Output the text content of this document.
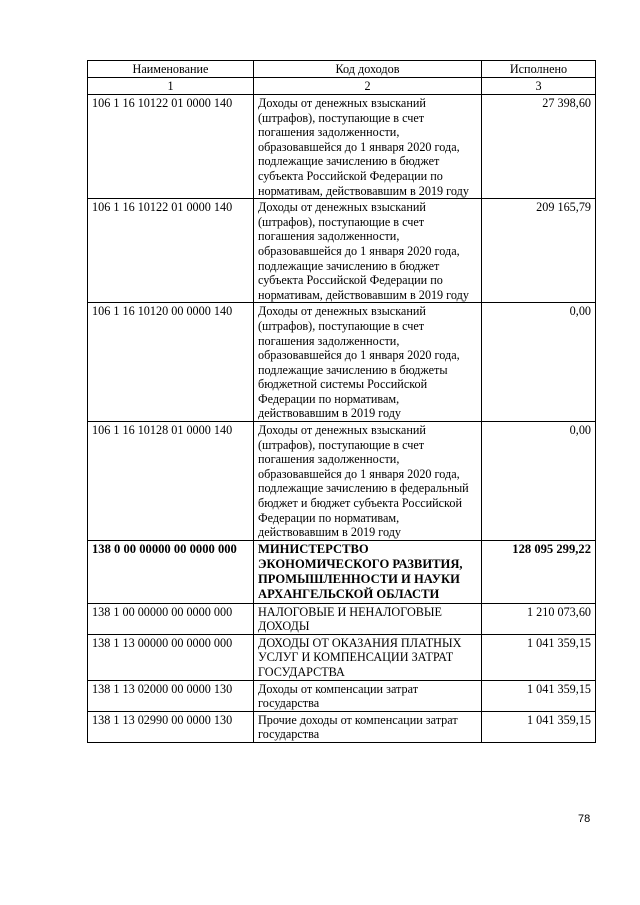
Наименование	Код доходов	Исполнено
1	2	3
106 1 16 10122 01 0000 140	Доходы от денежных взысканий (штрафов), поступающие в счет погашения задолженности, образовавшейся до 1 января 2020 года, подлежащие зачислению в бюджет субъекта Российской Федерации по нормативам, действовавшим в 2019 году	27 398,60
106 1 16 10122 01 0000 140	Доходы от денежных взысканий (штрафов), поступающие в счет погашения задолженности, образовавшейся до 1 января 2020 года, подлежащие зачислению в бюджет субъекта Российской Федерации по нормативам, действовавшим в 2019 году	209 165,79
106 1 16 10120 00 0000 140	Доходы от денежных взысканий (штрафов), поступающие в счет погашения задолженности, образовавшейся до 1 января 2020 года, подлежащие зачислению в бюджеты бюджетной системы Российской Федерации по нормативам, действовавшим в 2019 году	0,00
106 1 16 10128 01 0000 140	Доходы от денежных взысканий (штрафов), поступающие в счет погашения задолженности, образовавшейся до 1 января 2020 года, подлежащие зачислению в федеральный бюджет и бюджет субъекта Российской Федерации по нормативам, действовавшим в 2019 году	0,00
138 0 00 00000 00 0000 000	МИНИСТЕРСТВО ЭКОНОМИЧЕСКОГО РАЗВИТИЯ, ПРОМЫШЛЕННОСТИ И НАУКИ АРХАНГЕЛЬСКОЙ ОБЛАСТИ	128 095 299,22
138 1 00 00000 00 0000 000	НАЛОГОВЫЕ И НЕНАЛОГОВЫЕ ДОХОДЫ	1 210 073,60
138 1 13 00000 00 0000 000	ДОХОДЫ ОТ ОКАЗАНИЯ ПЛАТНЫХ УСЛУГ И КОМПЕНСАЦИИ ЗАТРАТ ГОСУДАРСТВА	1 041 359,15
138 1 13 02000 00 0000 130	Доходы от компенсации затрат государства	1 041 359,15
138 1 13 02990 00 0000 130	Прочие доходы от компенсации затрат государства	1 041 359,15
78
